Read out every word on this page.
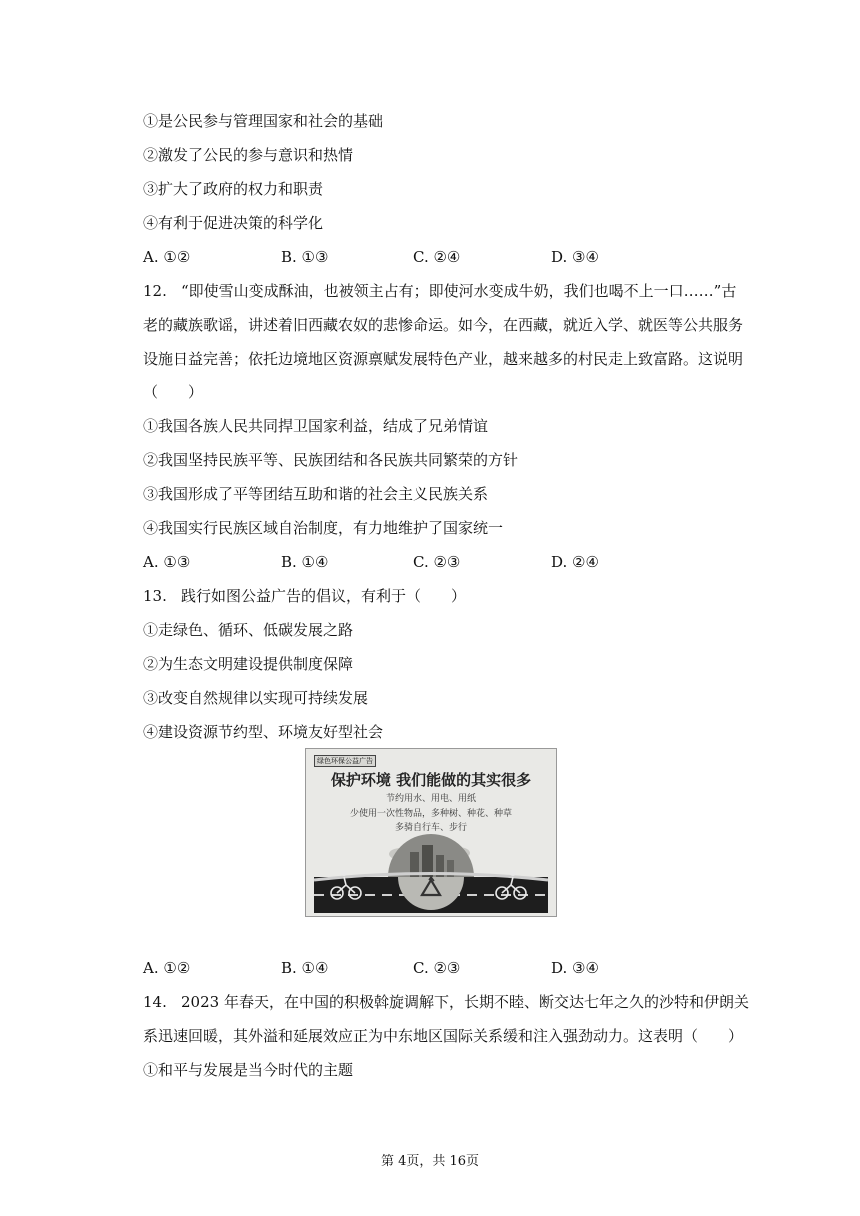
①是公民参与管理国家和社会的基础
②激发了公民的参与意识和热情
③扩大了政府的权力和职责
④有利于促进决策的科学化
A. ①②	B. ①③	C. ②④	D. ③④
12. “即使雪山变成酥油，也被领主占有；即使河水变成牛奶，我们也喝不上一口……”古
老的藏族歌谣，讲述着旧西藏农奴的悲惨命运。如今，在西藏，就近入学、就医等公共服务
设施日益完善；依托边境地区资源禀赋发展特色产业，越来越多的村民走上致富路。这说明
（　　）
①我国各族人民共同捍卫国家利益，结成了兄弟情谊
②我国坚持民族平等、民族团结和各民族共同繁荣的方针
③我国形成了平等团结互助和谐的社会主义民族关系
④我国实行民族区域自治制度，有力地维护了国家统一
A. ①③	B. ①④	C. ②③	D. ②④
13. 践行如图公益广告的倡议，有利于（　　）
①走绿色、循环、低碳发展之路
②为生态文明建设提供制度保障
③改变自然规律以实现可持续发展
④建设资源节约型、环境友好型社会
绿色环保公益广告
保护环境 我们能做的其实很多
节约用水、用电、用纸
少使用一次性物品，多种树、种花、种草
多骑自行车、步行
A. ①②	B. ①④	C. ②③	D. ③④
14. 2023 年春天，在中国的积极斡旋调解下，长期不睦、断交达七年之久的沙特和伊朗关
系迅速回暖，其外溢和延展效应正为中东地区国际关系缓和注入强劲动力。这表明（　　）
①和平与发展是当今时代的主题
第 4页，共 16页
